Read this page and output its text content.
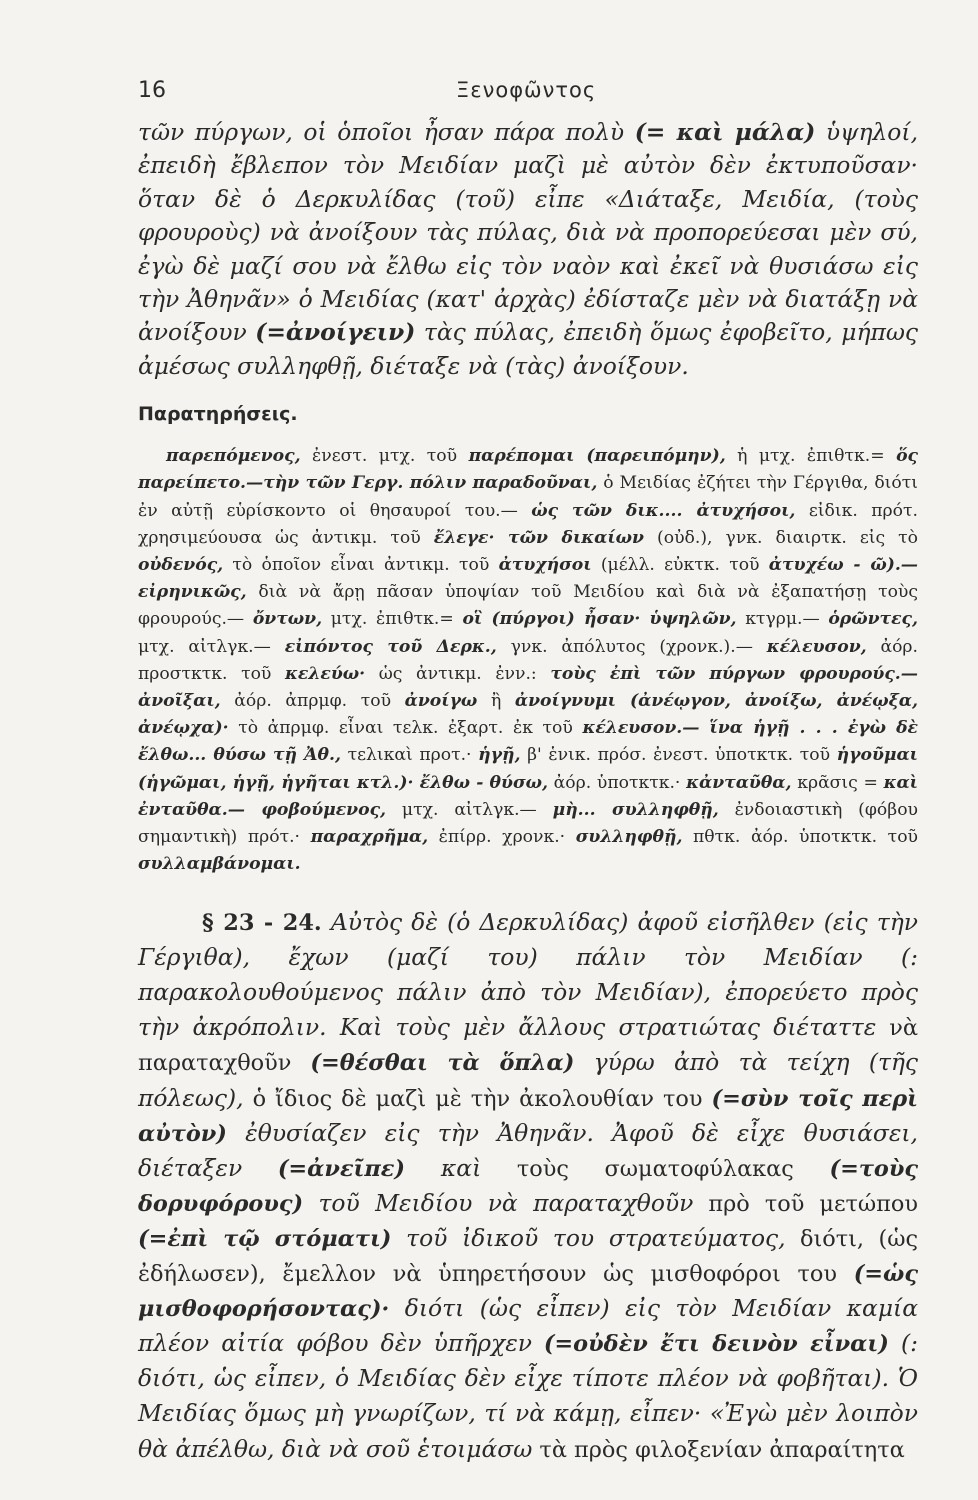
16	Ξενοφῶντος

τῶν πύργων, οἱ ὁποῖοι ἦσαν πάρα πολὺ (= καὶ μάλα) ὑψηλοί, ἐπειδὴ ἔβλεπον τὸν Μειδίαν μαζὶ μὲ αὐτὸν δὲν ἐκτυποῦσαν· ὅταν δὲ ὁ Δερκυλίδας (τοῦ) εἶπε «Διάταξε, Μειδία, (τοὺς φρουροὺς) νὰ ἀνοίξουν τὰς πύλας, διὰ νὰ προπορεύεσαι μὲν σύ, ἐγὼ δὲ μαζί σου νὰ ἔλθω εἰς τὸν ναὸν καὶ ἐκεῖ νὰ θυσιάσω εἰς τὴν Ἀθηνᾶν» ὁ Μειδίας (κατ' ἀρχὰς) ἐδίσταζε μὲν νὰ διατάξῃ νὰ ἀνοίξουν (=ἀνοίγειν) τὰς πύλας, ἐπειδὴ ὅμως ἐφοβεῖτο, μήπως ἀμέσως συλληφθῇ, διέταξε νὰ (τὰς) ἀνοίξουν.

Παρατηρήσεις.

παρεπόμενος, ἐνεστ. μτχ. τοῦ παρέπομαι (παρειπόμην), ἡ μτχ. ἐπιθτκ.= ὅς παρείπετο.—τὴν τῶν Γεργ. πόλιν παραδοῦναι, ὁ Μειδίας ἐζήτει τὴν Γέργιθα, διότι ἐν αὐτῇ εὑρίσκοντο οἱ θησαυροί του.— ὡς τῶν δικ.... ἀτυχήσοι, εἰδικ. πρότ. χρησιμεύουσα ὡς ἀντικμ. τοῦ ἔλεγε· τῶν δικαίων (οὐδ.), γνκ. διαιρτκ. εἰς τὸ οὐδενός, τὸ ὁποῖον εἶναι ἀντικμ. τοῦ ἀτυχήσοι (μέλλ. εὐκτκ. τοῦ ἀτυχέω - ῶ).— εἰρηνικῶς, διὰ νὰ ἄρῃ πᾶσαν ὑποψίαν τοῦ Μειδίου καὶ διὰ νὰ ἐξαπατήσῃ τοὺς φρουρούς.— ὄντων, μτχ. ἐπιθτκ.= οἳ (πύργοι) ἦσαν· ὑψηλῶν, κτγρμ.— ὁρῶντες, μτχ. αἰτλγκ.— εἰπόντος τοῦ Δερκ., γνκ. ἀπόλυτος (χρονκ.).— κέλευσον, ἀόρ. προστκτκ. τοῦ κελεύω· ὡς ἀντικμ. ἐνν.: τοὺς ἐπὶ τῶν πύργων φρουρούς.— ἀνοῖξαι, ἀόρ. ἀπρμφ. τοῦ ἀνοίγω ἢ ἀνοίγνυμι (ἀνέῳγον, ἀνοίξω, ἀνέῳξα, ἀνέῳχα)· τὸ ἀπρμφ. εἶναι τελκ. ἐξαρτ. ἐκ τοῦ κέλευσον.— ἵνα ἡγῇ . . . ἐγὼ δὲ ἔλθω... θύσω τῇ Ἀθ., τελικαὶ προτ.· ἡγῇ, β' ἑνικ. πρόσ. ἐνεστ. ὑποτκτκ. τοῦ ἡγοῦμαι (ἡγῶμαι, ἡγῇ, ἡγῆται κτλ.)· ἔλθω - θύσω, ἀόρ. ὑποτκτκ.· κἀνταῦθα, κρᾶσις = καὶ ἐνταῦθα.— φοβούμενος, μτχ. αἰτλγκ.— μὴ... συλληφθῇ, ἐνδοιαστικὴ (φόβου σημαντικὴ) πρότ.· παραχρῆμα, ἐπίρρ. χρονκ.· συλληφθῇ, πθτκ. ἀόρ. ὑποτκτκ. τοῦ συλλαμβάνομαι.

§ 23 - 24. Αὐτὸς δὲ (ὁ Δερκυλίδας) ἀφοῦ εἰσῆλθεν (εἰς τὴν Γέργιθα), ἔχων (μαζί του) πάλιν τὸν Μειδίαν (: παρακολουθούμενος πάλιν ἀπὸ τὸν Μειδίαν), ἐπορεύετο πρὸς τὴν ἀκρόπολιν. Καὶ τοὺς μὲν ἄλλους στρατιώτας διέταττε νὰ παραταχθοῦν (=θέσθαι τὰ ὅπλα) γύρω ἀπὸ τὰ τείχη (τῆς πόλεως), ὁ ἴδιος δὲ μαζὶ μὲ τὴν ἀκολουθίαν του (=σὺν τοῖς περὶ αὐτὸν) ἐθυσίαζεν εἰς τὴν Ἀθηνᾶν. Ἀφοῦ δὲ εἶχε θυσιάσει, διέταξεν (=ἀνεῖπε) καὶ τοὺς σωματοφύλακας (=τοὺς δορυφόρους) τοῦ Μειδίου νὰ παραταχθοῦν πρὸ τοῦ μετώπου (=ἐπὶ τῷ στόματι) τοῦ ἰδικοῦ του στρατεύματος, διότι, (ὡς ἐδήλωσεν), ἔμελλον νὰ ὑπηρετήσουν ὡς μισθοφόροι του (=ὡς μισθοφορήσοντας)· διότι (ὡς εἶπεν) εἰς τὸν Μειδίαν καμία πλέον αἰτία φόβου δὲν ὑπῆρχεν (=οὐδὲν ἔτι δεινὸν εἶναι) (: διότι, ὡς εἶπεν, ὁ Μειδίας δὲν εἶχε τίποτε πλέον νὰ φοβῆται). Ὁ Μειδίας ὅμως μὴ γνωρίζων, τί νὰ κάμῃ, εἶπεν· «Ἐγὼ μὲν λοιπὸν θὰ ἀπέλθω, διὰ νὰ σοῦ ἑτοιμάσω τὰ πρὸς φιλοξενίαν ἀπαραίτητα
